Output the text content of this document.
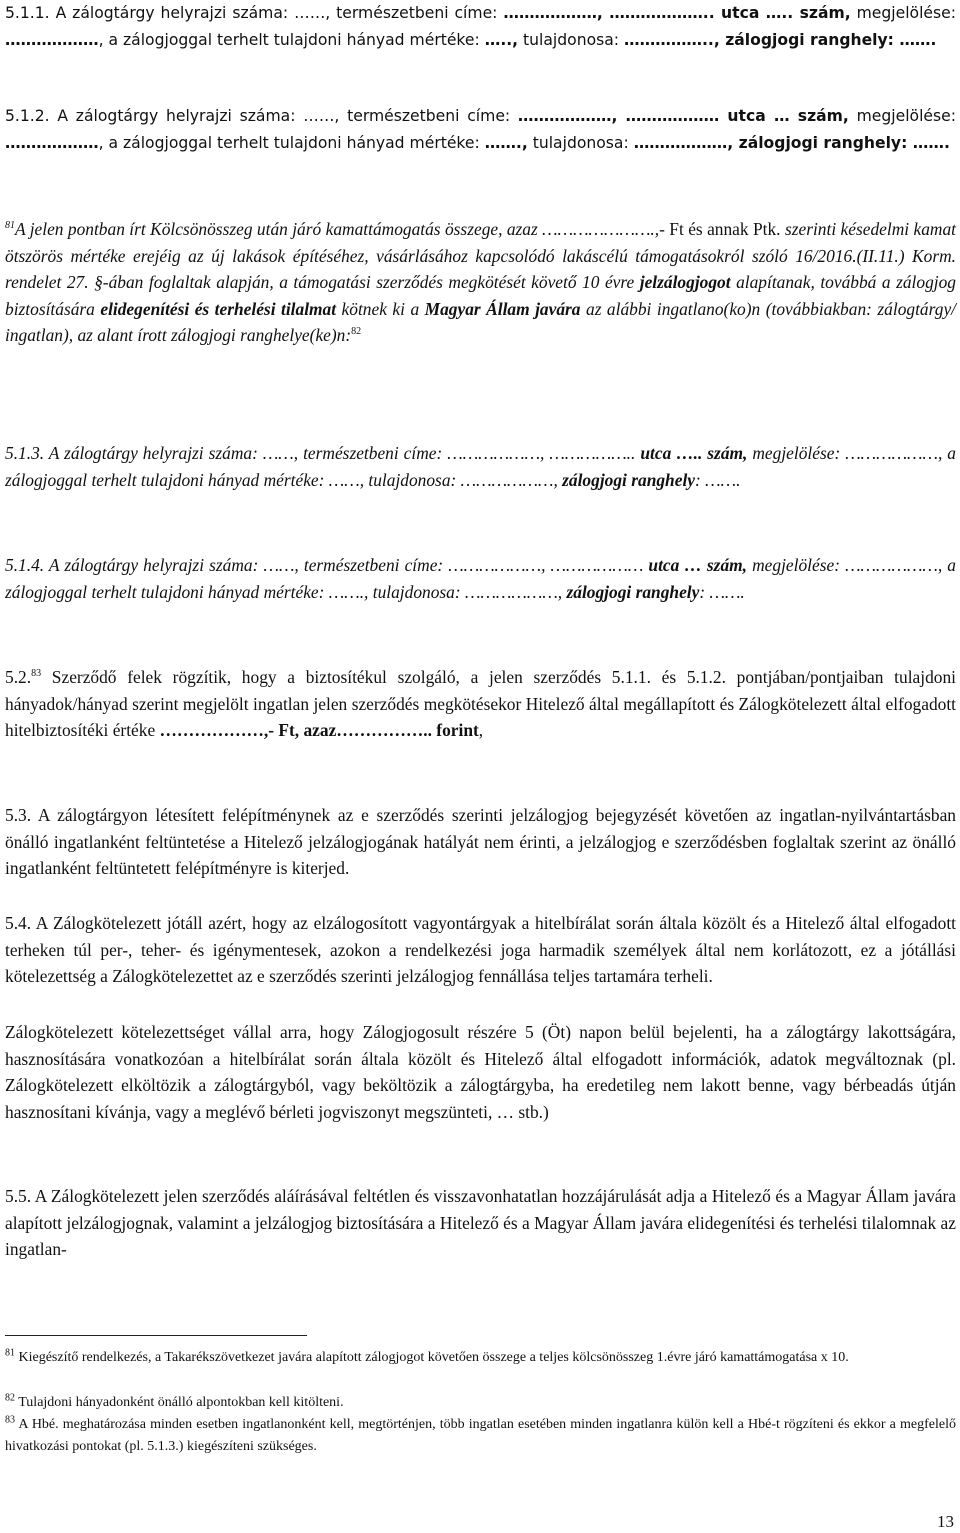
5.1.1. A zálogtárgy helyrajzi száma: ……, természetbeni címe: ………………, ……………….. utca ….. szám, megjelölése: ………………, a zálogjoggal terhelt tulajdoni hányad mértéke: ….., tulajdonosa: …………….., zálogjogi ranghely: …….

5.1.2. A zálogtárgy helyrajzi száma: ……, természetbeni címe: ………………, ……………… utca … szám, megjelölése: ………………, a zálogjoggal terhelt tulajdoni hányad mértéke: ……., tulajdonosa: ………………, zálogjogi ranghely: …….

$^{81}$A jelen pontban írt Kölcsönösszeg után járó kamattámogatás összege, azaz ………………….,- Ft és annak Ptk. szerinti késedelmi kamat ötszörös mértéke erejéig az új lakások építéséhez, vásárlásához kapcsolódó lakáscélú támogatásokról szóló 16/2016.(II.11.) Korm. rendelet 27. §-ában foglaltak alapján, a támogatási szerződés megkötését követő 10 évre jelzálogjogot alapítanak, továbbá a zálogjog biztosítására elidegenítési és terhelési tilalmat kötnek ki a Magyar Állam javára az alábbi ingatlano(ko)n (továbbiakban: zálogtárgy/ ingatlan), az alant írott zálogjogi ranghelye(ke)n:$^{82}$

5.1.3. A zálogtárgy helyrajzi száma: ……, természetbeni címe: ………………, …………….. utca ….. szám, megjelölése: ………………, a zálogjoggal terhelt tulajdoni hányad mértéke: ……, tulajdonosa: ………………, zálogjogi ranghely: …….

5.1.4. A zálogtárgy helyrajzi száma: ……, természetbeni címe: ………………, ……………… utca … szám, megjelölése: ………………, a zálogjoggal terhelt tulajdoni hányad mértéke: ……., tulajdonosa: ………………, zálogjogi ranghely: …….

5.2.83 Szerződő felek rögzítik, hogy a biztosítékul szolgáló, a jelen szerződés 5.1.1. és 5.1.2. pontjában/pontjaiban tulajdoni hányadok/hányad szerint megjelölt ingatlan jelen szerződés megkötésekor Hitelező által megállapított és Zálogkötelezett által elfogadott hitelbiztosítéki értéke ………………,- Ft, azaz…………….. forint,

5.3. A zálogtárgyon létesített felépítménynek az e szerződés szerinti jelzálogjog bejegyzését követően az ingatlan-nyilvántartásban önálló ingatlanként feltüntetése a Hitelező jelzálogjogának hatályát nem érinti, a jelzálogjog e szerződésben foglaltak szerint az önálló ingatlanként feltüntetett felépítményre is kiterjed.

5.4. A Zálogkötelezett jótáll azért, hogy az elzálogosított vagyontárgyak a hitelbírálat során általa közölt és a Hitelező által elfogadott terheken túl per-, teher- és igénymentesek, azokon a rendelkezési joga harmadik személyek által nem korlátozott, ez a jótállási kötelezettség a Zálogkötelezettet az e szerződés szerinti jelzálogjog fennállása teljes tartamára terheli.

Zálogkötelezett kötelezettséget vállal arra, hogy Zálogjogosult részére 5 (Öt) napon belül bejelenti, ha a zálogtárgy lakottságára, hasznosítására vonatkozóan a hitelbírálat során általa közölt és Hitelező által elfogadott információk, adatok megváltoznak (pl. Zálogkötelezett elköltözik a zálogtárgyból, vagy beköltözik a zálogtárgyba, ha eredetileg nem lakott benne, vagy bérbeadás útján hasznosítani kívánja, vagy a meglévő bérleti jogviszonyt megszünteti, … stb.)

5.5. A Zálogkötelezett jelen szerződés aláírásával feltétlen és visszavonhatatlan hozzájárulását adja a Hitelező és a Magyar Állam javára alapított jelzálogjognak, valamint a jelzálogjog biztosítására a Hitelező és a Magyar Állam javára elidegenítési és terhelési tilalomnak az ingatlan-

$^{81}$ Kiegészítő rendelkezés, a Takarékszövetkezet javára alapított zálogjogot követően összege a teljes kölcsönösszeg 1.évre járó kamattámogatása x 10.

$^{82}$ Tulajdoni hányadonként önálló alpontokban kell kitölteni.

$^{83}$ A Hbé. meghatározása minden esetben ingatlanonként kell, megtörténjen, több ingatlan esetében minden ingatlanra külön kell a Hbé-t rögzíteni és ekkor a megfelelő hivatkozási pontokat (pl. 5.1.3.) kiegészíteni szükséges.

13
